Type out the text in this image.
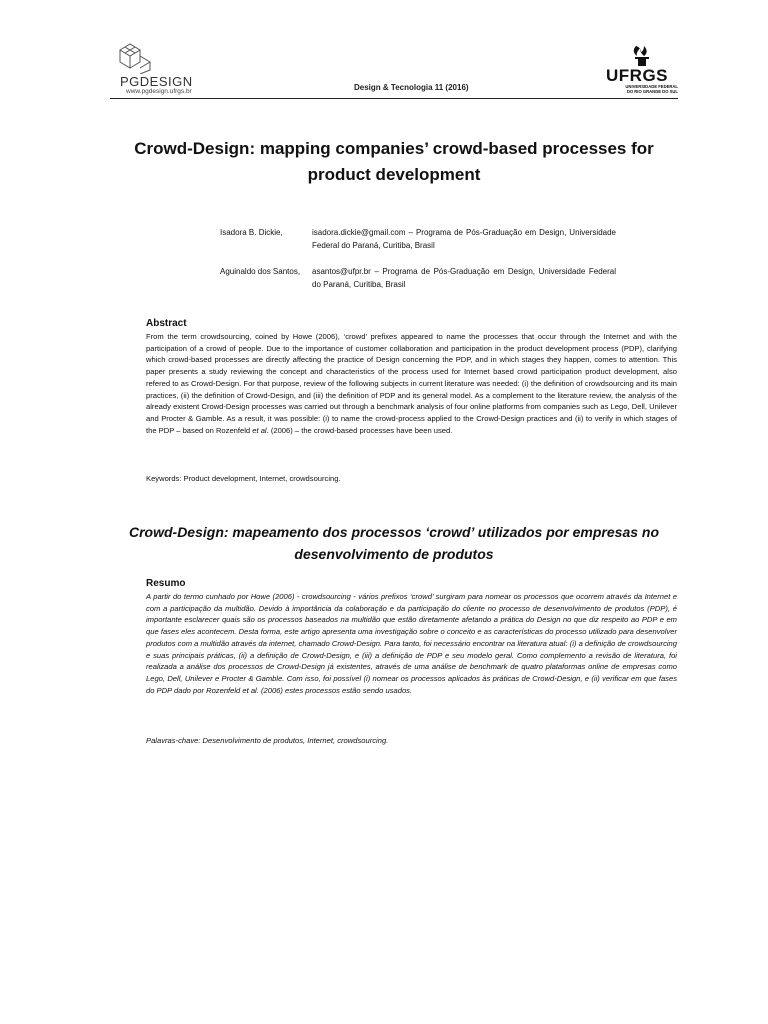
PGDESIGN
www.pgdesign.ufrgs.br	Design & Tecnologia 11 (2016)
UFRGS
UNIVERSIDADE FEDERAL
DO RIO GRANDE DO SUL
Crowd-Design: mapping companies’ crowd-based processes for product development
Isadora B. Dickie,	isadora.dickie@gmail.com – Programa de Pós-Graduação em Design, Universidade Federal do Paraná, Curitiba, Brasil
Aguinaldo dos Santos,	asantos@ufpr.br – Programa de Pós-Graduação em Design, Universidade Federal do Paraná, Curitiba, Brasil
Abstract
From the term crowdsourcing, coined by Howe (2006), ‘crowd’ prefixes appeared to name the processes that occur through the Internet and with the participation of a crowd of people. Due to the importance of customer collaboration and participation in the product development process (PDP), clarifying which crowd-based processes are directly affecting the practice of Design concerning the PDP, and in which stages they happen, comes to attention. This paper presents a study reviewing the concept and characteristics of the process used for Internet based crowd participation product development, also refered to as Crowd-Design. For that purpose, review of the following subjects in current literature was needed: (i) the definition of crowdsourcing and its main practices, (ii) the definition of Crowd-Design, and (iii) the definition of PDP and its general model. As a complement to the literature review, the analysis of the already existent Crowd-Design processes was carried out through a benchmark analysis of four online platforms from companies such as Lego, Dell, Unilever and Procter & Gamble. As a result, it was possible: (i) to name the crowd-process applied to the Crowd-Design practices and (ii) to verify in which stages of the PDP – based on Rozenfeld et al. (2006) – the crowd-based processes have been used.
Keywords: Product development, Internet, crowdsourcing.
Crowd-Design: mapeamento dos processos ‘crowd’ utilizados por empresas no desenvolvimento de produtos
Resumo
A partir do termo cunhado por Howe (2006) - crowdsourcing - vários prefixos ‘crowd’ surgiram para nomear os processos que ocorrem através da Internet e com a participação da multidão. Devido à importância da colaboração e da participação do cliente no processo de desenvolvimento de produtos (PDP), é importante esclarecer quais são os processos baseados na multidão que estão diretamente afetando a prática do Design no que diz respeito ao PDP e em que fases eles acontecem. Desta forma, este artigo apresenta uma investigação sobre o conceito e as características do processo utilizado para desenvolver produtos com a multidão através da internet, chamado Crowd-Design. Para tanto, foi necessário encontrar na literatura atual: (i) a definição de crowdsourcing e suas principais práticas, (ii) a definição de Crowd-Design, e (iii) a definição de PDP e seu modelo geral. Como complemento a revisão de literatura, foi realizada a análise dos processos de Crowd-Design já existentes, através de uma análise de benchmark de quatro plataformas online de empresas como Lego, Dell, Unilever e Procter & Gamble. Com isso, foi possível (i) nomear os processos aplicados às práticas de Crowd-Design, e (ii) verificar em que fases do PDP dado por Rozenfeld et al. (2006) estes processos estão sendo usados.
Palavras-chave: Desenvolvimento de produtos, Internet, crowdsourcing.
